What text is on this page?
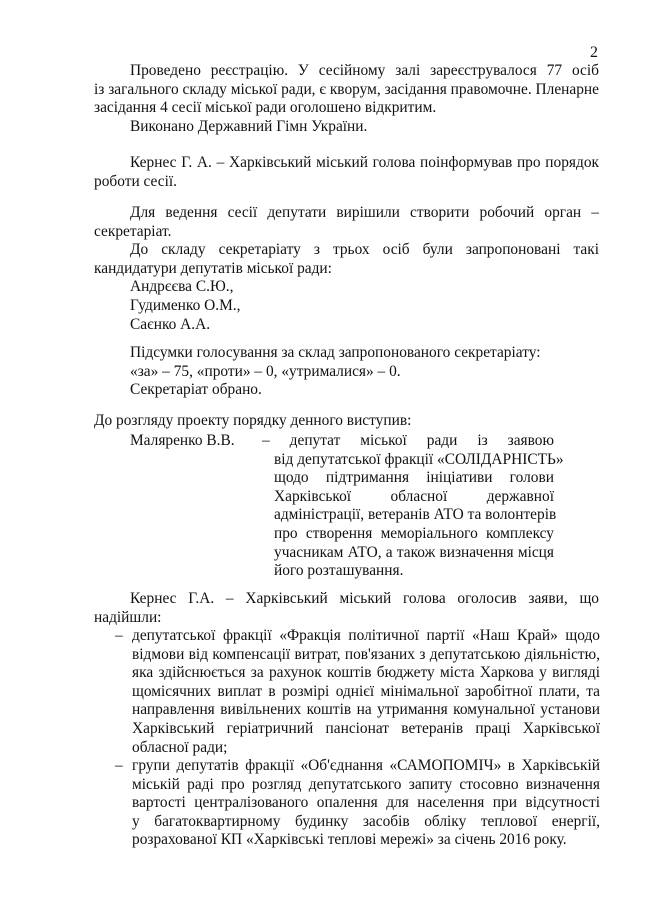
2
Проведено реєстрацію. У сесійному залі зареєструвалося 77 осіб
із загального складу міської ради, є кворум, засідання правомочне. Пленарне
засідання 4 сесії міської ради оголошено відкритим.
Виконано Державний Гімн України.
Кернес Г. А. – Харківський міський голова поінформував про порядок
роботи сесії.
Для ведення сесії депутати вирішили створити робочий орган –
секретаріат.
До складу секретаріату з трьох осіб були запропоновані такі
кандидатури депутатів міської ради:
Андрєєва С.Ю.,
Гудименко О.М.,
Саєнко А.А.
Підсумки голосування за склад запропонованого секретаріату:
«за» – 75, «проти» – 0, «утрималися» – 0.
Секретаріат обрано.
До розгляду проекту порядку денного виступив:
Маляренко В.В. – депутат міської ради із заявою
від депутатської фракції «СОЛІДАРНІСТЬ»
щодо підтримання ініціативи голови
Харківської обласної державної
адміністрації, ветеранів АТО та волонтерів
про створення меморіального комплексу
учасникам АТО, а також визначення місця
його розташування.
Кернес Г.А. – Харківський міський голова оголосив заяви, що
надійшли:
– депутатської фракції «Фракція політичної партії «Наш Край» щодо
відмови від компенсації витрат, пов'язаних з депутатською діяльністю,
яка здійснюється за рахунок коштів бюджету міста Харкова у вигляді
щомісячних виплат в розмірі однієї мінімальної заробітної плати, та
направлення вивільнених коштів на утримання комунальної установи
Харківський геріатричний пансіонат ветеранів праці Харківської
обласної ради;
– групи депутатів фракції «Об'єднання «САМОПОМІЧ» в Харківській
міській раді про розгляд депутатського запиту стосовно визначення
вартості централізованого опалення для населення при відсутності
у багатоквартирному будинку засобів обліку теплової енергії,
розрахованої КП «Харківські теплові мережі» за січень 2016 року.
